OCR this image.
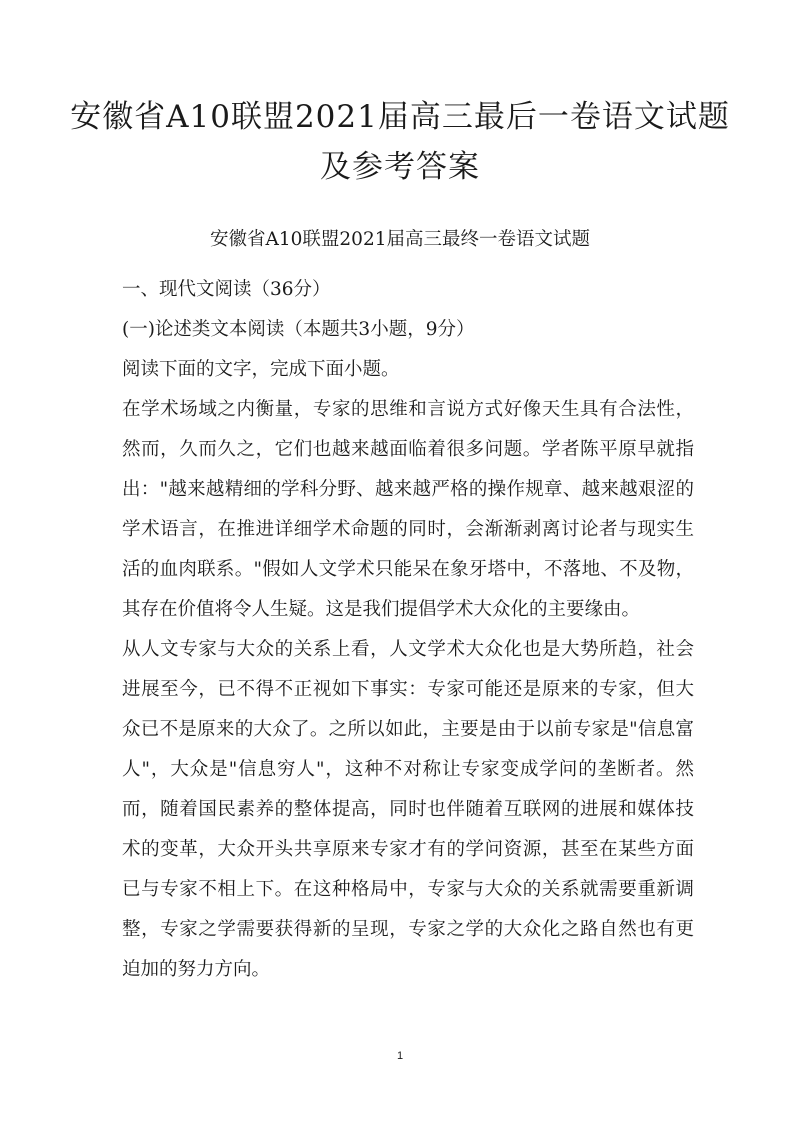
安徽省A10联盟2021届高三最后一卷语文试题及参考答案
安徽省A10联盟2021届高三最终一卷语文试题

一、现代文阅读（36分）

(一)论述类文本阅读（本题共3小题，9分）

阅读下面的文字，完成下面小题。

在学术场域之内衡量，专家的思维和言说方式好像天生具有合法性，然而，久而久之，它们也越来越面临着很多问题。学者陈平原早就指出："越来越精细的学科分野、越来越严格的操作规章、越来越艰涩的学术语言，在推进详细学术命题的同时，会渐渐剥离讨论者与现实生活的血肉联系。"假如人文学术只能呆在象牙塔中，不落地、不及物，其存在价值将令人生疑。这是我们提倡学术大众化的主要缘由。

从人文专家与大众的关系上看，人文学术大众化也是大势所趋，社会进展至今，已不得不正视如下事实：专家可能还是原来的专家，但大众已不是原来的大众了。之所以如此，主要是由于以前专家是"信息富人"，大众是"信息穷人"，这种不对称让专家变成学问的垄断者。然而，随着国民素养的整体提高，同时也伴随着互联网的进展和媒体技术的变革，大众开头共享原来专家才有的学问资源，甚至在某些方面已与专家不相上下。在这种格局中，专家与大众的关系就需要重新调整，专家之学需要获得新的呈现，专家之学的大众化之路自然也有更迫加的努力方向。

1
